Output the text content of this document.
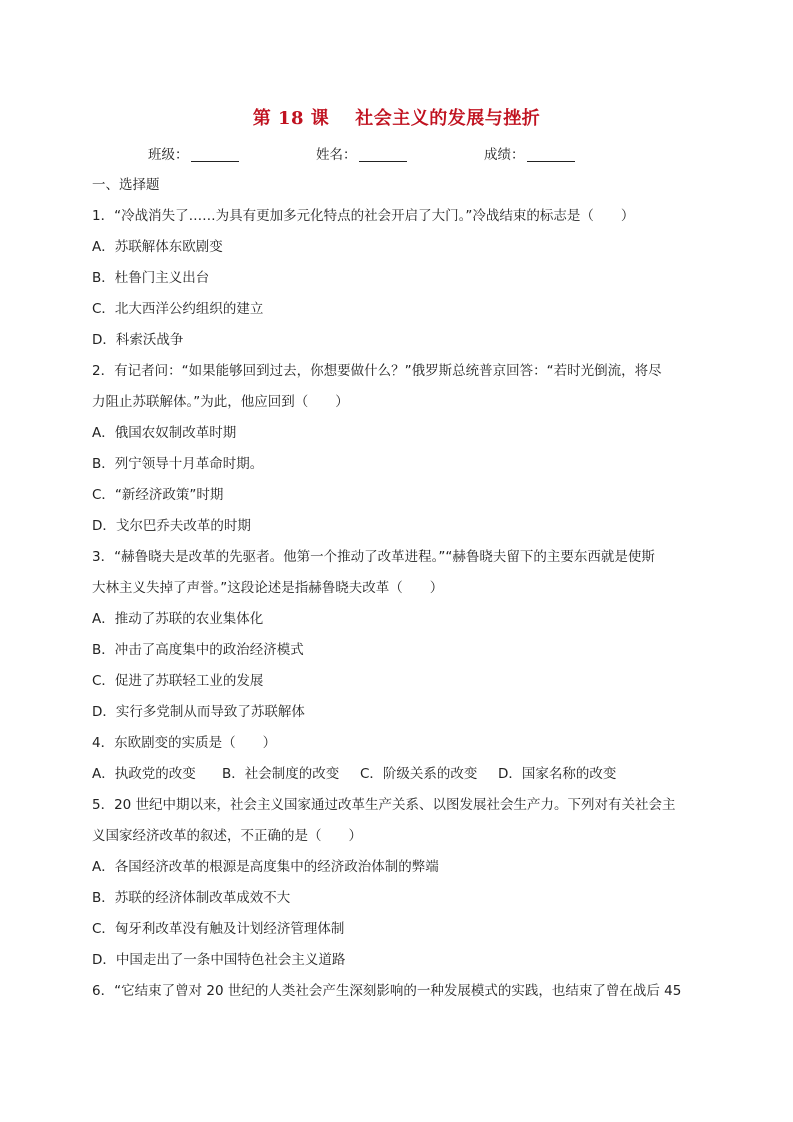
第 18 课 社会主义的发展与挫折
班级：	姓名：	成绩：
一、选择题
1．“冷战消失了……为具有更加多元化特点的社会开启了大门。”冷战结束的标志是（　　）
A．苏联解体东欧剧变
B．杜鲁门主义出台
C．北大西洋公约组织的建立
D．科索沃战争
2．有记者问：“如果能够回到过去，你想要做什么？”俄罗斯总统普京回答：“若时光倒流，将尽
力阻止苏联解体。”为此，他应回到（　　）
A．俄国农奴制改革时期
B．列宁领导十月革命时期。
C．“新经济政策”时期
D．戈尔巴乔夫改革的时期
3．“赫鲁晓夫是改革的先驱者。他第一个推动了改革进程。”“赫鲁晓夫留下的主要东西就是使斯
大林主义失掉了声誉。”这段论述是指赫鲁晓夫改革（　　）
A．推动了苏联的农业集体化
B．冲击了高度集中的政治经济模式
C．促进了苏联轻工业的发展
D．实行多党制从而导致了苏联解体
4．东欧剧变的实质是（　　）
A．执政党的改变 B．社会制度的改变 C．阶级关系的改变 D．国家名称的改变
5．20 世纪中期以来，社会主义国家通过改革生产关系、以图发展社会生产力。下列对有关社会主
义国家经济改革的叙述，不正确的是（　　）
A．各国经济改革的根源是高度集中的经济政治体制的弊端
B．苏联的经济体制改革成效不大
C．匈牙利改革没有触及计划经济管理体制
D．中国走出了一条中国特色社会主义道路
6．“它结束了曾对 20 世纪的人类社会产生深刻影响的一种发展模式的实践，也结束了曾在战后 45
